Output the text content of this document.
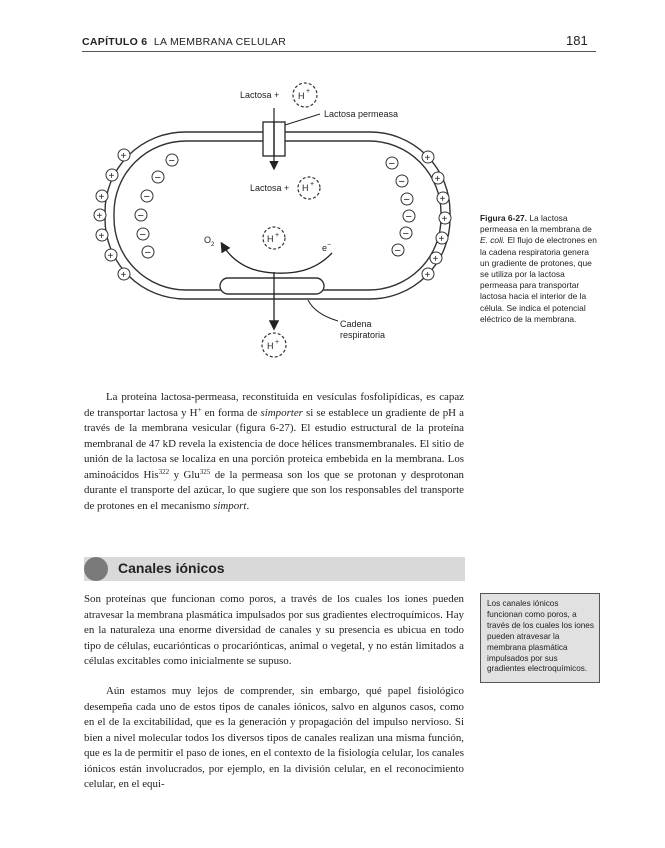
CAPÍTULO 6 LA MEMBRANA CELULAR	181
Lactosa + H +
Lactosa permeasa
Lactosa + H +
H +
$O_2$	e−
H +
Cadena
respiratoria
+
+
+
+
+
+
+
+
+
+
+
+
+
+
−
−
−
−
−
−
−
−
−
−
−
−
Figura 6-27. La lactosa permeasa en la membrana de E. coli. El flujo de electrones en la cadena respiratoria genera un gradiente de protones, que se utiliza por la lactosa permeasa para transportar lactosa hacia el interior de la célula. Se indica el potencial eléctrico de la membrana.

La proteína lactosa-permeasa, reconstituida en vesículas fosfolipídicas, es capaz de transportar lactosa y H+ en forma de simporter si se establece un gradiente de pH a través de la membrana vesicular (figura 6-27). El estudio estructural de la proteína membranal de 47 kD revela la existencia de doce hélices transmembranales. El sitio de unión de la lactosa se localiza en una porción proteica embebida en la membrana. Los aminoácidos His$^{322}$ y Glu$^{325}$ de la permeasa son los que se protonan y desprotonan durante el transporte del azúcar, lo que sugiere que son los responsables del transporte de protones en el mecanismo simport.

Canales iónicos

Son proteínas que funcionan como poros, a través de los cuales los iones pueden atravesar la membrana plasmática impulsados por sus gradientes electroquímicos. Hay en la naturaleza una enorme diversidad de canales y su presencia es ubicua en todo tipo de células, eucariónticas o procariónticas, animal o vegetal, y no están limitados a células excitables como inicialmente se supuso.

Aún estamos muy lejos de comprender, sin embargo, qué papel fisiológico desempeña cada uno de estos tipos de canales iónicos, salvo en algunos casos, como en el de la excitabilidad, que es la generación y propagación del impulso nervioso. Si bien a nivel molecular todos los diversos tipos de canales realizan una misma función, que es la de permitir el paso de iones, en el contexto de la fisiología celular, los canales iónicos están involucrados, por ejemplo, en la división celular, en el reconocimiento celular, en el equi-

Los canales iónicos funcionan como poros, a través de los cuales los iones pueden atravesar la membrana plasmática impulsados por sus gradientes electroquímicos.
